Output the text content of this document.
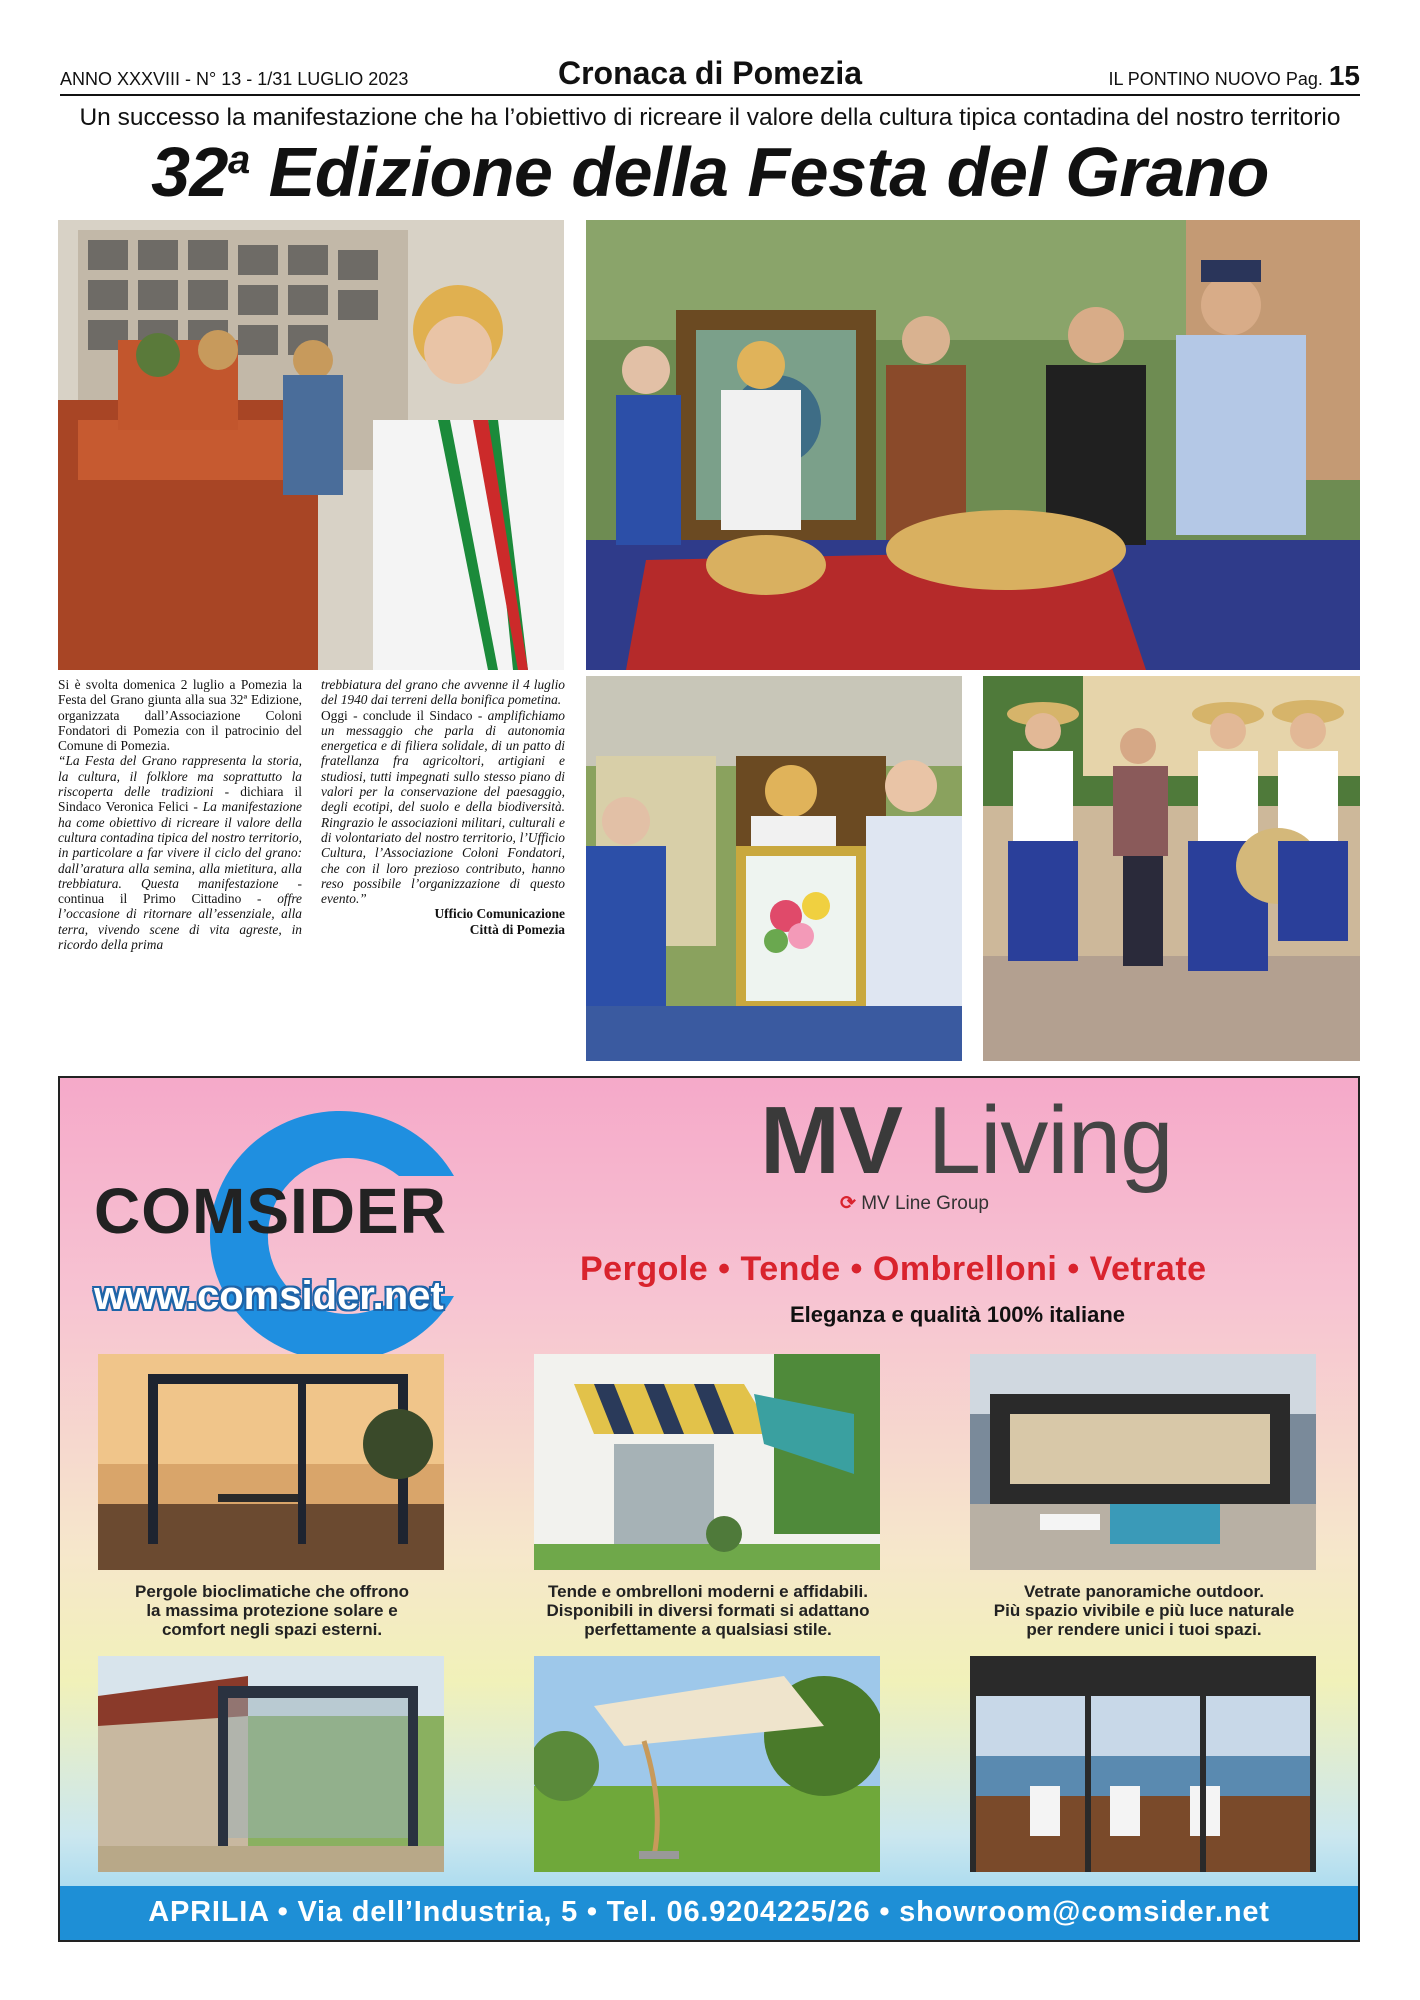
ANNO XXXVIII - N° 13 - 1/31 LUGLIO 2023	Cronaca di Pomezia	IL PONTINO NUOVO Pag. 15
Un successo la manifestazione che ha l’obiettivo di ricreare il valore della cultura tipica contadina del nostro territorio
32$^a$ Edizione della Festa del Grano
Si è svolta domenica 2 luglio a Pomezia la Festa del Grano giunta alla sua 32ª Edizione, organizzata dall’Associazione Coloni Fondatori di Pomezia con il patrocinio del Comune di Pomezia.
“La Festa del Grano rappresenta la storia, la cultura, il folklore ma soprattutto la riscoperta delle tradizioni - dichiara il Sindaco Veronica Felici - La manifestazione ha come obiettivo di ricreare il valore della cultura contadina tipica del nostro territorio, in particolare a far vivere il ciclo del grano: dall’aratura alla semina, alla mietitura, alla trebbiatura. Questa manifestazione - continua il Primo Cittadino - offre l’occasione di ritornare all’essenziale, alla terra, vivendo scene di vita agreste, in ricordo della prima
trebbiatura del grano che avvenne il 4 luglio del 1940 dai terreni della bonifica pometina.
Oggi - conclude il Sindaco - amplifichiamo un messaggio che parla di autonomia energetica e di filiera solidale, di un patto di fratellanza fra agricoltori, artigiani e studiosi, tutti impegnati sullo stesso piano di valori per la conservazione del paesaggio, degli ecotipi, del suolo e della biodiversità. Ringrazio le associazioni militari, culturali e di volontariato del nostro territorio, l’Ufficio Cultura, l’Associazione Coloni Fondatori, che con il loro prezioso contributo, hanno reso possibile l’organizzazione di questo evento.”
Ufficio Comunicazione
Città di Pomezia
COMSIDER
www.comsider.net
MV Living
⟳ MV Line Group
Pergole • Tende • Ombrelloni • Vetrate
Eleganza e qualità 100% italiane
Pergole bioclimatiche che offrono
la massima protezione solare e
comfort negli spazi esterni.
Tende e ombrelloni moderni e affidabili.
Disponibili in diversi formati si adattano
perfettamente a qualsiasi stile.
Vetrate panoramiche outdoor.
Più spazio vivibile e più luce naturale
per rendere unici i tuoi spazi.
APRILIA • Via dell’Industria, 5 • Tel. 06.9204225/26 • showroom@comsider.net
